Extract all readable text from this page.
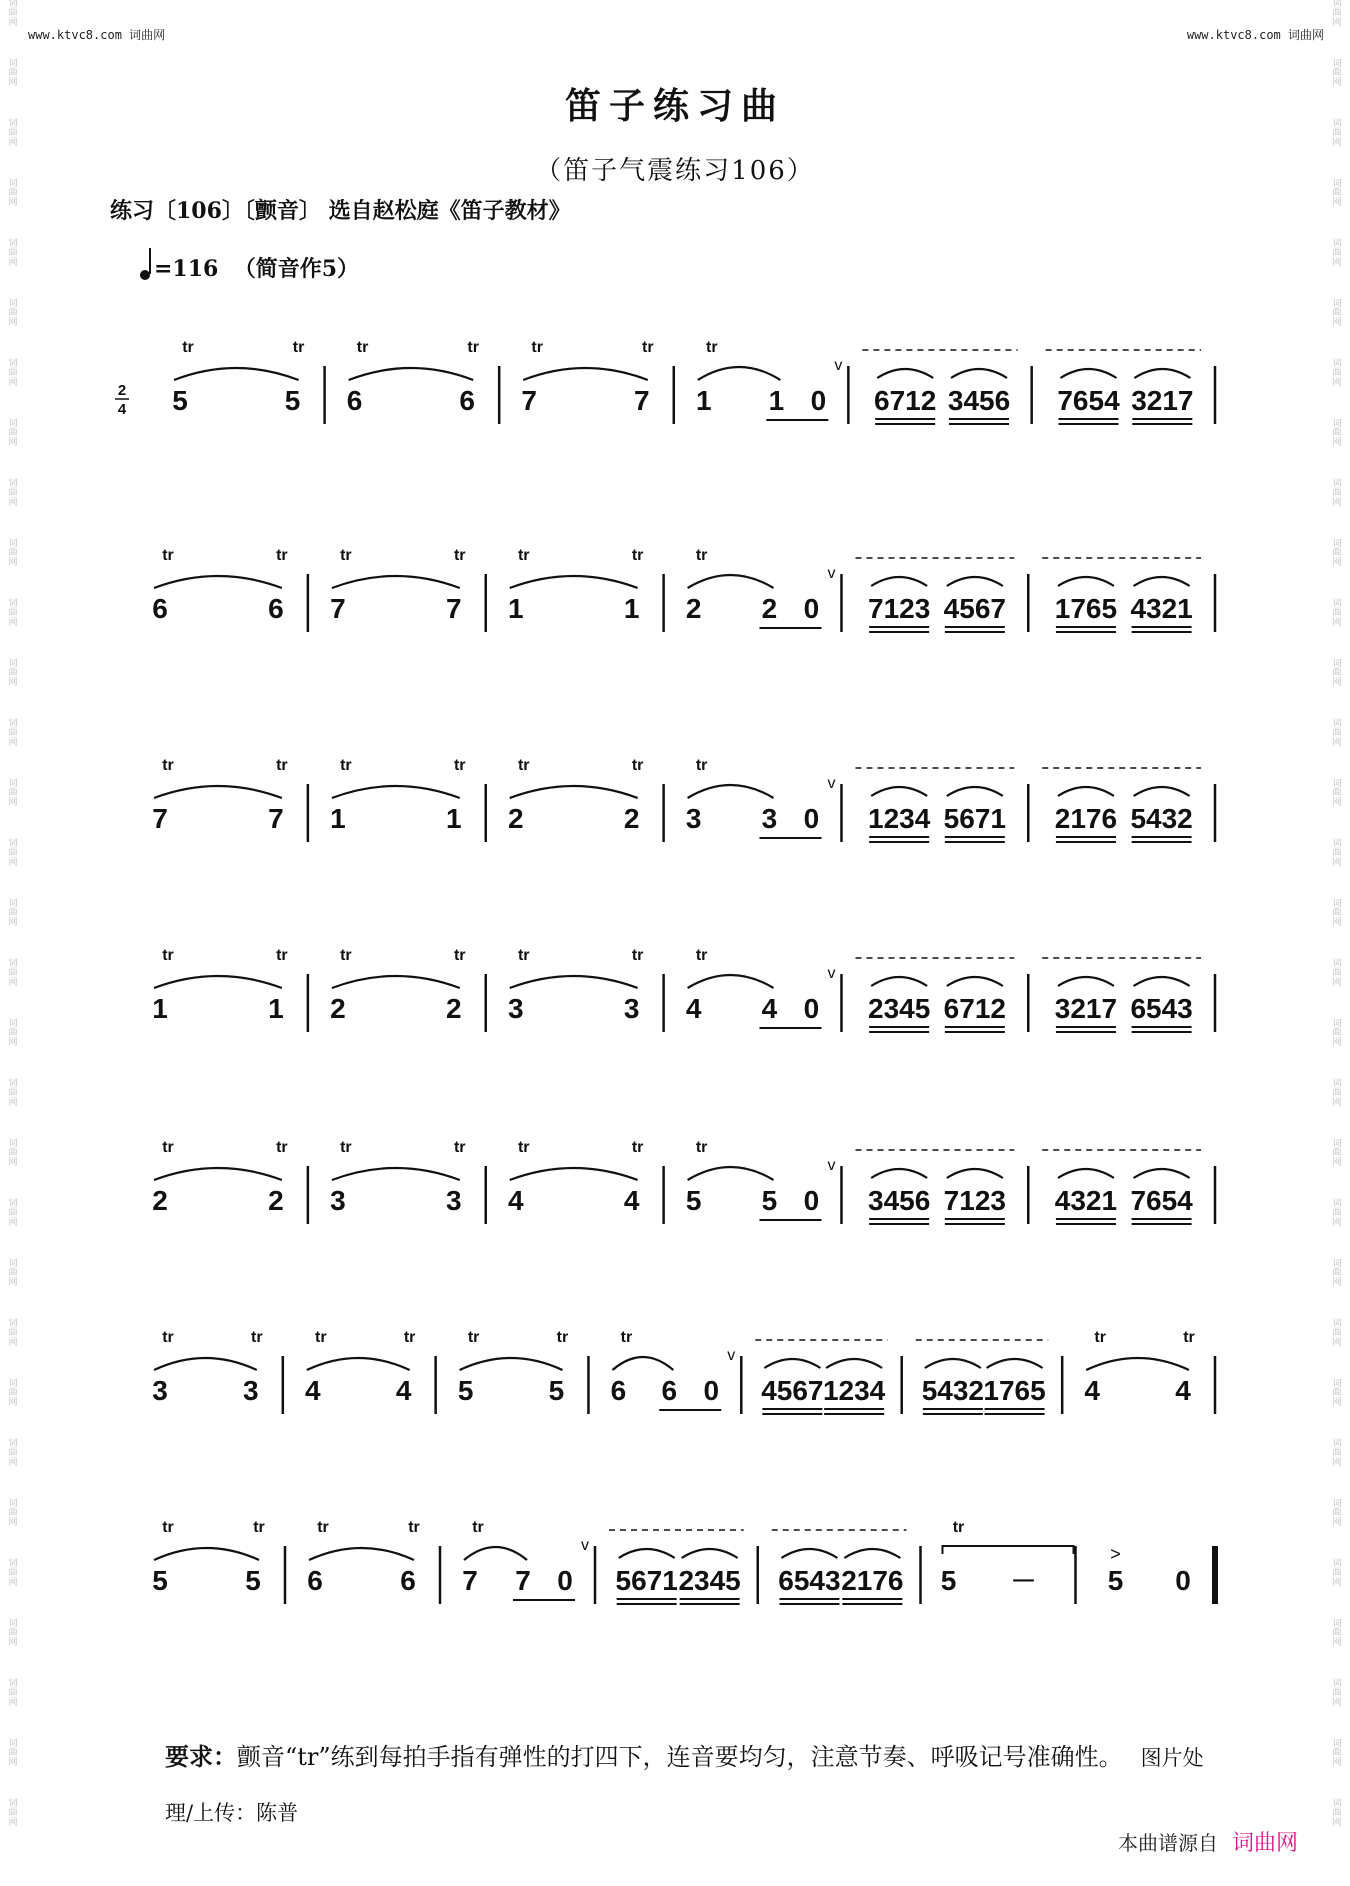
词
曲
网
词
曲
网
词
曲
网
词
曲
网
词
曲
网
词
曲
网
词
曲
网
词
曲
网
词
曲
网
词
曲
网
词
曲
网
词
曲
网
词
曲
网
词
曲
网
词
曲
网
词
曲
网
词
曲
网
词
曲
网
词
曲
网
词
曲
网
词
曲
网
词
曲
网
词
曲
网
词
曲
网
词
曲
网
词
曲
网
词
曲
网
词
曲
网
词
曲
网
词
曲
网
词
曲
网
词
曲
网
词
曲
网
词
曲
网
词
曲
网
词
曲
网
词
曲
网
词
曲
网
词
曲
网
词
曲
网
词
曲
网
词
曲
网
词
曲
网
词
曲
网
词
曲
网
词
曲
网
词
曲
网
词
曲
网
词
曲
网
词
曲
网
词
曲
网
词
曲
网
词
曲
网
词
曲
网
词
曲
网
词
曲
网
词
曲
网
词
曲
网
词
曲
网
词
曲
网
词
曲
网
词
曲
网
www.ktvc8.com 词曲网	www.ktvc8.com 词曲网
笛子练习曲
（笛子气震练习106）
练习〔106〕〔颤音〕 选自赵松庭《笛子教材》
=116 （简音作5）
2
4 5	5
tr	tr
6	6
tr	tr
7	7
tr	tr
1 1
tr
0
v
6712 3456 7654 3217
6	6
tr	tr
7	7
tr	tr
1	1
tr	tr
2 2
tr
0
v
7123 4567 1765 4321
7	7
tr	tr
1	1
tr	tr
2	2
tr	tr
3 3
tr
0
v
1234 5671 2176 5432
1	1
tr	tr
2	2
tr	tr
3	3
tr	tr
4 4
tr
0
v
2345 6712 3217 6543
2	2
tr	tr
3	3
tr	tr
4	4
tr	tr
5 5
tr
0
v
3456 7123 4321 7654
3	3
tr	tr
4	4
tr	tr
5	5
tr	tr
6 6
tr
0
v
4567 1234 5432 1765 4	4
tr	tr
5	5
tr	tr
6	6
tr	tr
7 7
tr
0
v
5671 2345 6543 2176 5 －
tr
>
5 0
要求：颤音“tr”练到每拍手指有弹性的打四下，连音要均匀，注意节奏、呼吸记号准确性。 图片处理/上传：陈普
本曲谱源自 词曲网
